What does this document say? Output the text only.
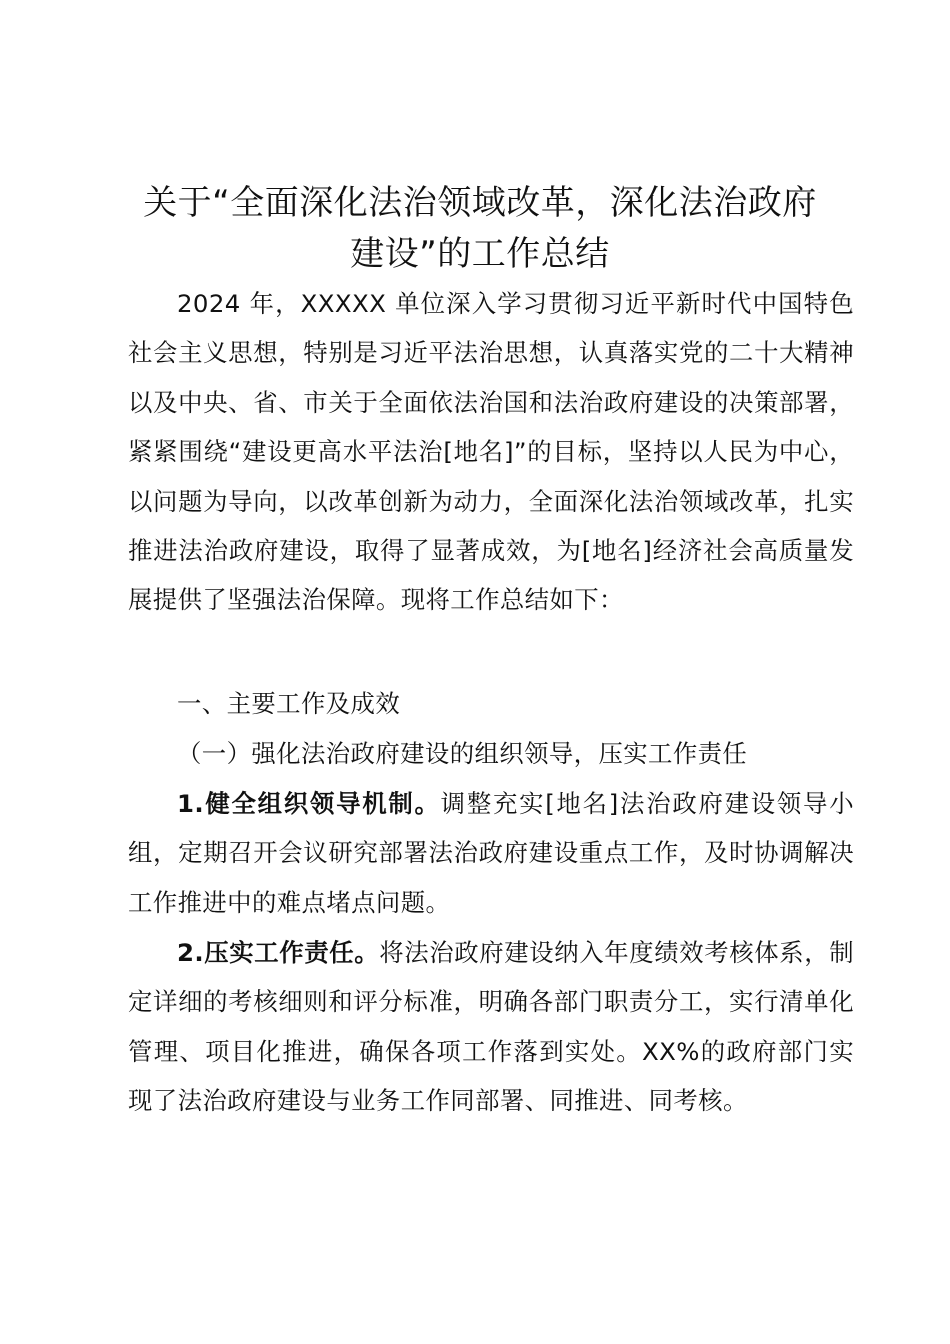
关于“全面深化法治领域改革，深化法治政府
建设”的工作总结

2024 年，XXXXX 单位深入学习贯彻习近平新时代中国特色社会主义思想，特别是习近平法治思想，认真落实党的二十大精神以及中央、省、市关于全面依法治国和法治政府建设的决策部署，紧紧围绕“建设更高水平法治[地名]”的目标，坚持以人民为中心，以问题为导向，以改革创新为动力，全面深化法治领域改革，扎实推进法治政府建设，取得了显著成效，为[地名]经济社会高质量发展提供了坚强法治保障。现将工作总结如下：

一、主要工作及成效

（一）强化法治政府建设的组织领导，压实工作责任

1.健全组织领导机制。调整充实[地名]法治政府建设领导小组，定期召开会议研究部署法治政府建设重点工作，及时协调解决工作推进中的难点堵点问题。

2.压实工作责任。将法治政府建设纳入年度绩效考核体系，制定详细的考核细则和评分标准，明确各部门职责分工，实行清单化管理、项目化推进，确保各项工作落到实处。XX%的政府部门实现了法治政府建设与业务工作同部署、同推进、同考核。
